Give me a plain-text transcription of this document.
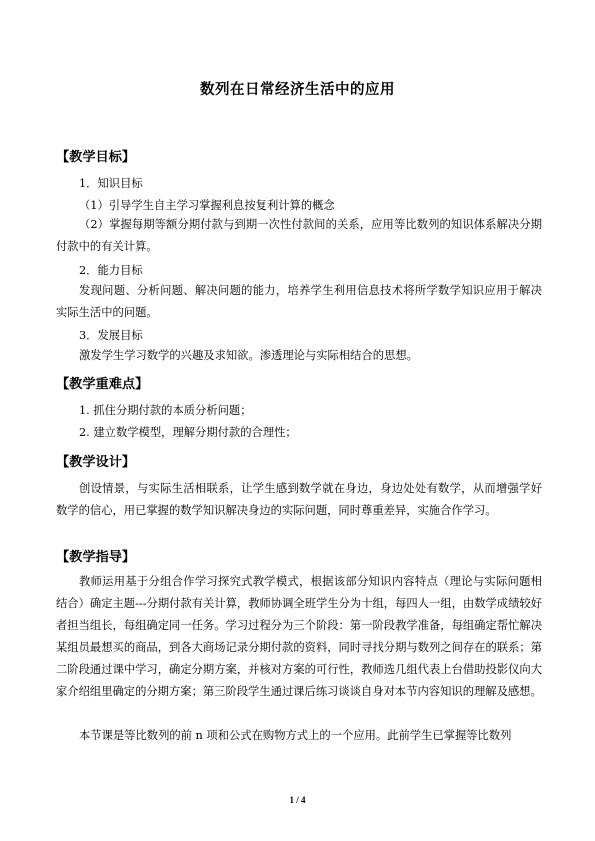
数列在日常经济生活中的应用
【教学目标】
1．知识目标
（1）引导学生自主学习掌握利息按复利计算的概念
（2）掌握每期等额分期付款与到期一次性付款间的关系，应用等比数列的知识体系解决分期付款中的有关计算。
2．能力目标
发现问题、分析问题、解决问题的能力，培养学生利用信息技术将所学数学知识应用于解决实际生活中的问题。
3．发展目标
激发学生学习数学的兴趣及求知欲。渗透理论与实际相结合的思想。
【教学重难点】
1. 抓住分期付款的本质分析问题；
2. 建立数学模型，理解分期付款的合理性；
【教学设计】
创设情景，与实际生活相联系，让学生感到数学就在身边，身边处处有数学，从而增强学好数学的信心，用已掌握的数学知识解决身边的实际问题，同时尊重差异，实施合作学习。
【教学指导】
教师运用基于分组合作学习探究式教学模式，根据该部分知识内容特点（理论与实际问题相结合）确定主题---分期付款有关计算，教师协调全班学生分为十组，每四人一组，由数学成绩较好者担当组长，每组确定同一任务。学习过程分为三个阶段：第一阶段教学准备，每组确定帮忙解决某组员最想买的商品，到各大商场记录分期付款的资料，同时寻找分期与数列之间存在的联系；第二阶段通过课中学习，确定分期方案，并核对方案的可行性，教师选几组代表上台借助投影仪向大家介绍组里确定的分期方案；第三阶段学生通过课后练习谈谈自身对本节内容知识的理解及感想。
本节课是等比数列的前 n 项和公式在购物方式上的一个应用。此前学生已掌握等比数列
1 / 4
